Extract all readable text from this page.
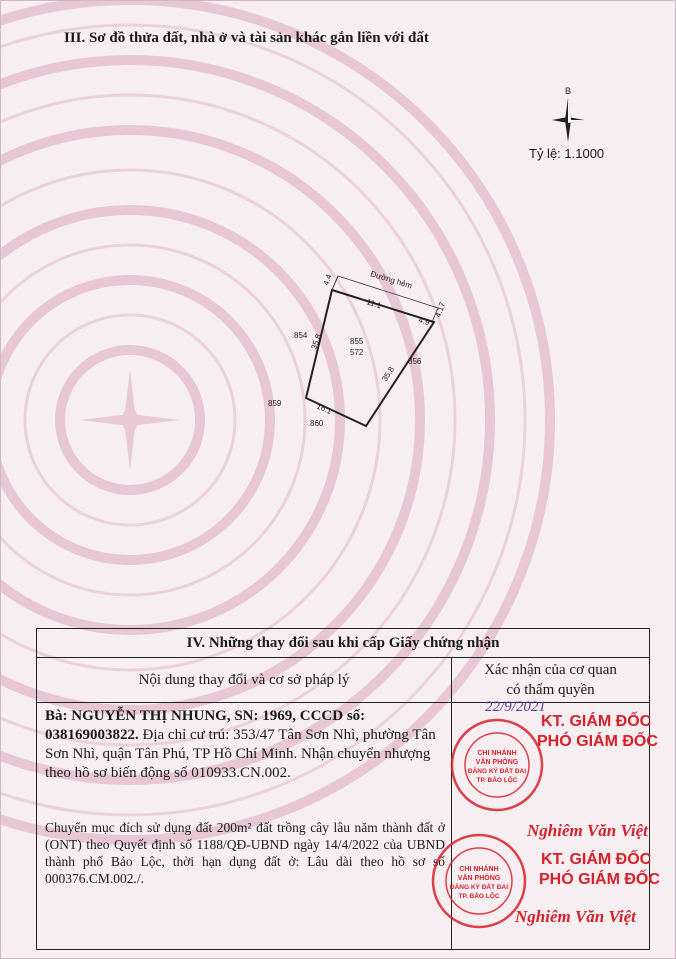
III. Sơ đồ thửa đất, nhà ở và tài sản khác gắn liền với đất
B
Tỷ lệ: 1.1000
Đường hẻm
4.4
11.1	4.17
4.9
35.8
35.8
16.1
855
572
854
856
859
860
IV. Những thay đổi sau khi cấp Giấy chứng nhận
Nội dung thay đổi và cơ sở pháp lý
Xác nhận của cơ quan
có thẩm quyền
Bà: NGUYỄN THỊ NHUNG, SN: 1969, CCCD số: 038169003822. Địa chỉ cư trú: 353/47 Tân Sơn Nhì, phường Tân Sơn Nhì, quận Tân Phú, TP Hồ Chí Minh. Nhận chuyển nhượng theo hồ sơ biến động số 010933.CN.002.
Chuyển mục đích sử dụng đất 200m² đất trồng cây lâu năm thành đất ở (ONT) theo Quyết định số 1188/QĐ-UBND ngày 14/4/2022 của UBND thành phố Bảo Lộc, thời hạn dụng đất ở: Lâu dài theo hồ sơ số 000376.CM.002./.
CHI NHÁNH
VĂN PHÒNG
ĐĂNG KÝ ĐẤT ĐAI
TP. BẢO LỘC
22/9/2021
KT. GIÁM ĐỐC
PHÓ GIÁM ĐỐC
Nghiêm Văn Việt
CHI NHÁNH
VĂN PHÒNG
ĐĂNG KÝ ĐẤT ĐAI
TP. BẢO LỘC
KT. GIÁM ĐỐC
PHÓ GIÁM ĐỐC
Nghiêm Văn Việt
